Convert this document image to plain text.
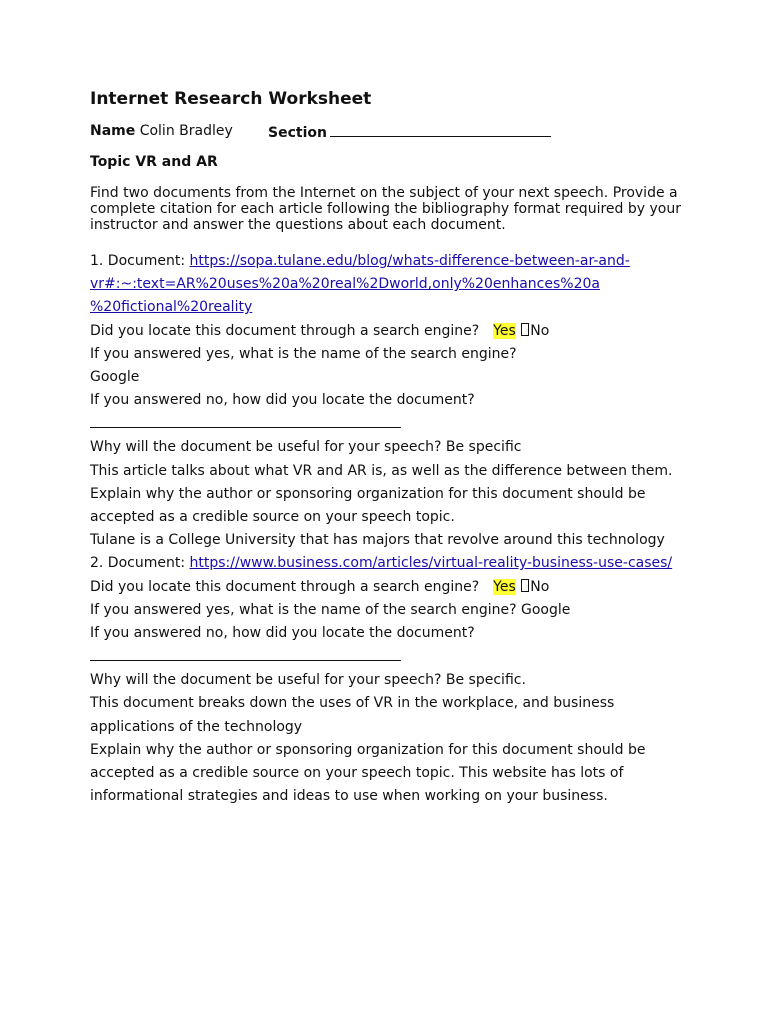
Internet Research Worksheet
Name Colin Bradley	Section
Topic VR and AR
Find two documents from the Internet on the subject of your next speech. Provide a complete citation for each article following the bibliography format required by your instructor and answer the questions about each document.

1. Document: https://sopa.tulane.edu/blog/whats-difference-between-ar-and-

vr#:~:text=AR%20uses%20a%20real%2Dworld,only%20enhances%20a

%20fictional%20reality

Did you locate this document through a search engine? Yes No

If you answered yes, what is the name of the search engine?

Google

If you answered no, how did you locate the document?

Why will the document be useful for your speech? Be specific

This article talks about what VR and AR is, as well as the difference between them.

Explain why the author or sponsoring organization for this document should be

accepted as a credible source on your speech topic.

Tulane is a College University that has majors that revolve around this technology

2. Document: https://www.business.com/articles/virtual-reality-business-use-cases/

Did you locate this document through a search engine? Yes No

If you answered yes, what is the name of the search engine? Google

If you answered no, how did you locate the document?

Why will the document be useful for your speech? Be specific.

This document breaks down the uses of VR in the workplace, and business

applications of the technology

Explain why the author or sponsoring organization for this document should be

accepted as a credible source on your speech topic. This website has lots of

informational strategies and ideas to use when working on your business.
